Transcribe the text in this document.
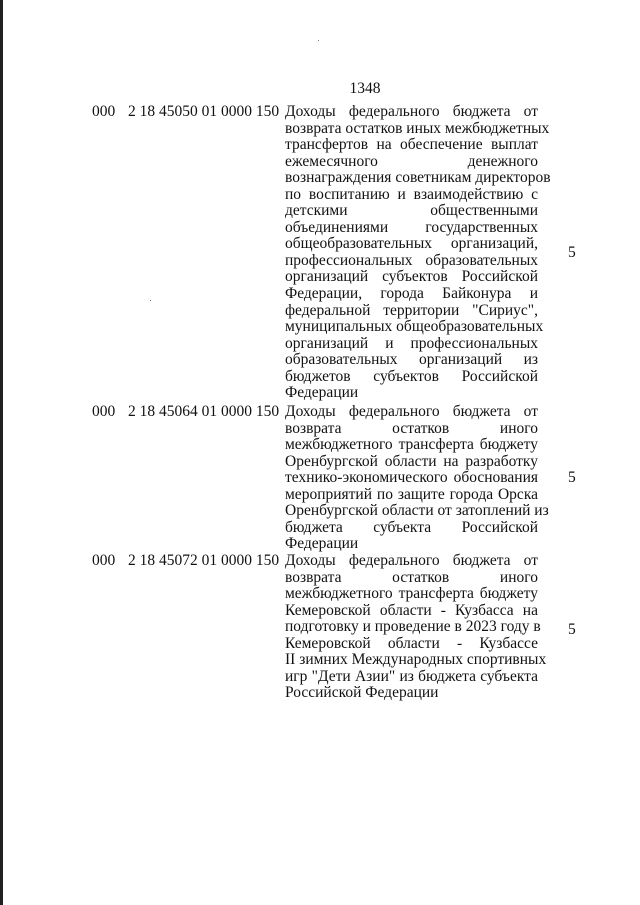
1348
000 2 18 45050 01 0000 150 Доходы федерального бюджета от
возврата остатков иных межбюджетных
трансфертов на обеспечение выплат
ежемесячного денежного
вознаграждения советникам директоров
по воспитанию и взаимодействию с
детскими общественными
объединениями государственных
общеобразовательных организаций,
профессиональных образовательных
организаций субъектов Российской
Федерации, города Байконура и
федеральной территории "Сириус",
муниципальных общеобразовательных
организаций и профессиональных
образовательных организаций из
бюджетов субъектов Российской
Федерации
5
000 2 18 45064 01 0000 150 Доходы федерального бюджета от
возврата остатков иного
межбюджетного трансферта бюджету
Оренбургской области на разработку
технико-экономического обоснования
мероприятий по защите города Орска
Оренбургской области от затоплений из
бюджета субъекта Российской
Федерации
5
000 2 18 45072 01 0000 150 Доходы федерального бюджета от
возврата остатков иного
межбюджетного трансферта бюджету
Кемеровской области - Кузбасса на
подготовку и проведение в 2023 году в
Кемеровской области - Кузбассе
II зимних Международных спортивных
игр "Дети Азии" из бюджета субъекта
Российской Федерации
5
